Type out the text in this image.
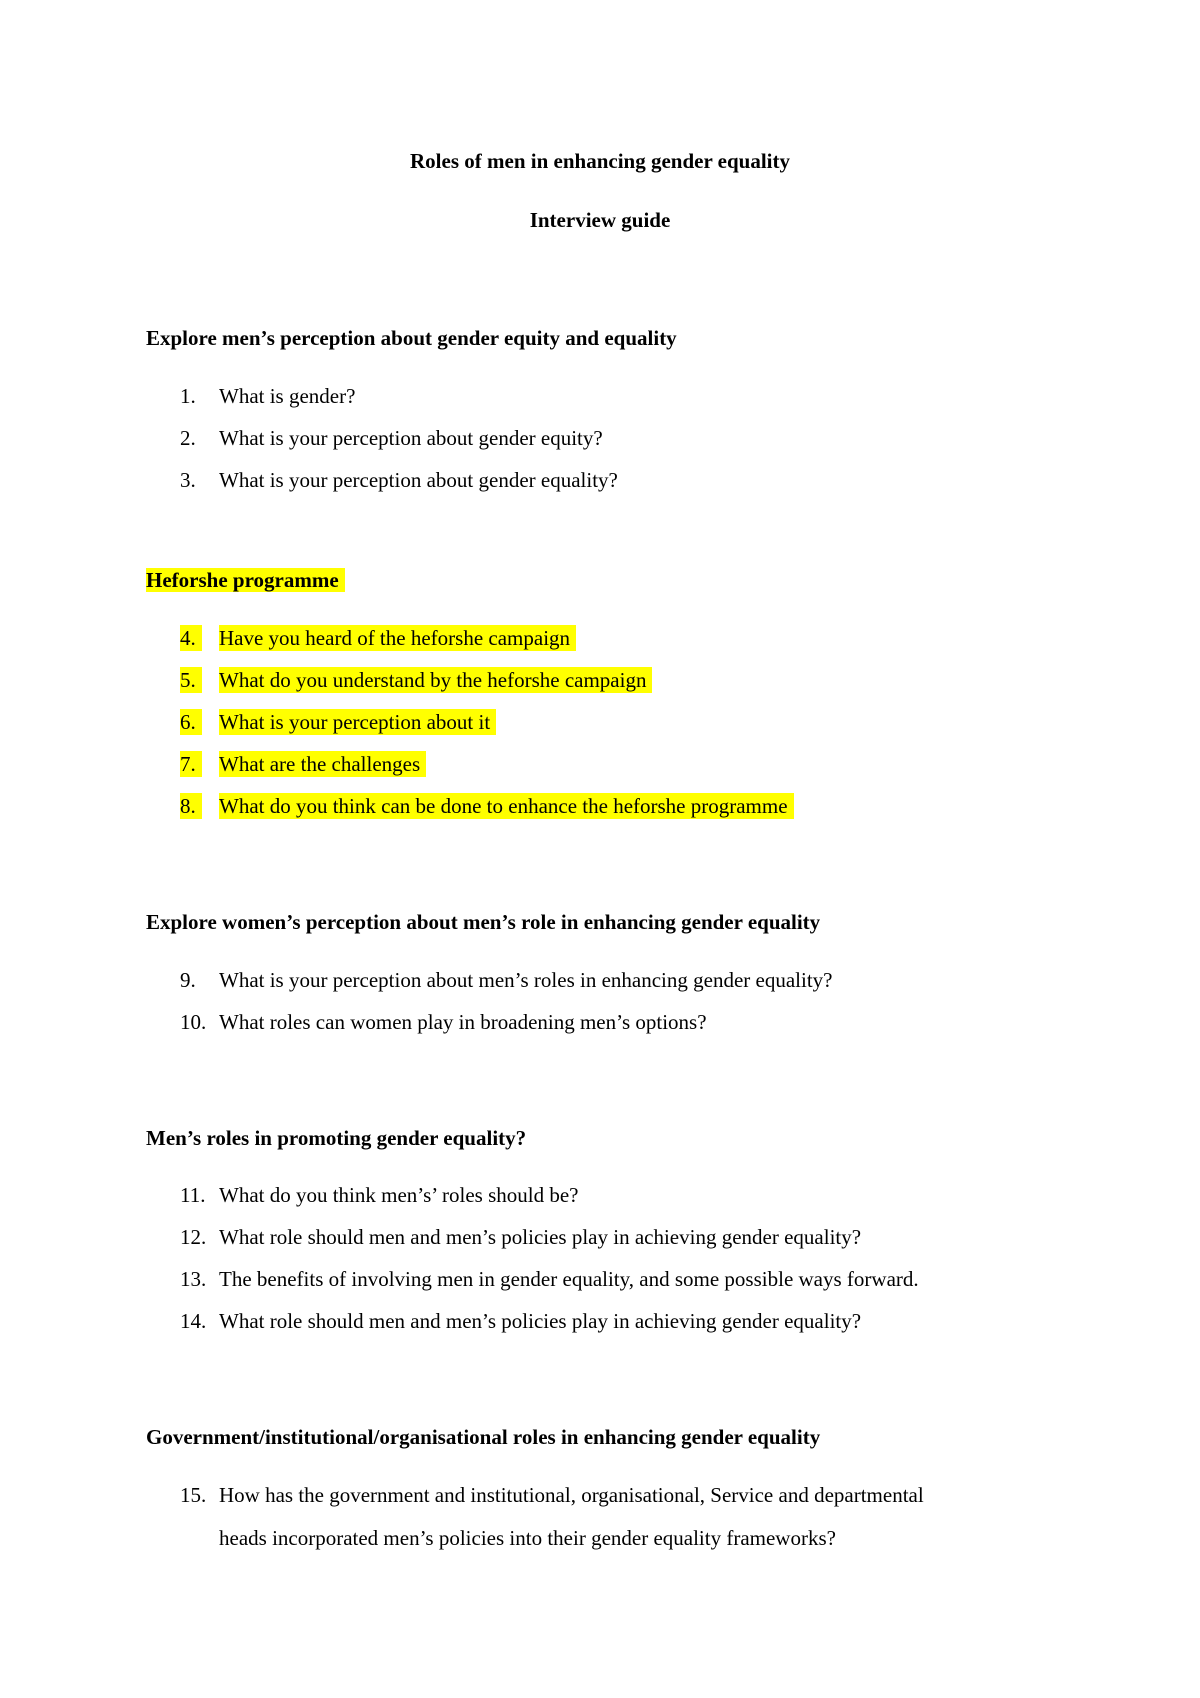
Roles of men in enhancing gender equality
Interview guide
Explore men’s perception about gender equity and equality
1. What is gender?
2. What is your perception about gender equity?
3. What is your perception about gender equality?
Heforshe programme
4. Have you heard of the heforshe campaign
5. What do you understand by the heforshe campaign
6. What is your perception about it
7. What are the challenges
8. What do you think can be done to enhance the heforshe programme
Explore women’s perception about men’s role in enhancing gender equality
9. What is your perception about men’s roles in enhancing gender equality?
10. What roles can women play in broadening men’s options?
Men’s roles in promoting gender equality?
11. What do you think men’s’ roles should be?
12. What role should men and men’s policies play in achieving gender equality?
13. The benefits of involving men in gender equality, and some possible ways forward.
14. What role should men and men’s policies play in achieving gender equality?
Government/institutional/organisational roles in enhancing gender equality
15. How has the government and institutional, organisational, Service and departmental
heads incorporated men’s policies into their gender equality frameworks?
